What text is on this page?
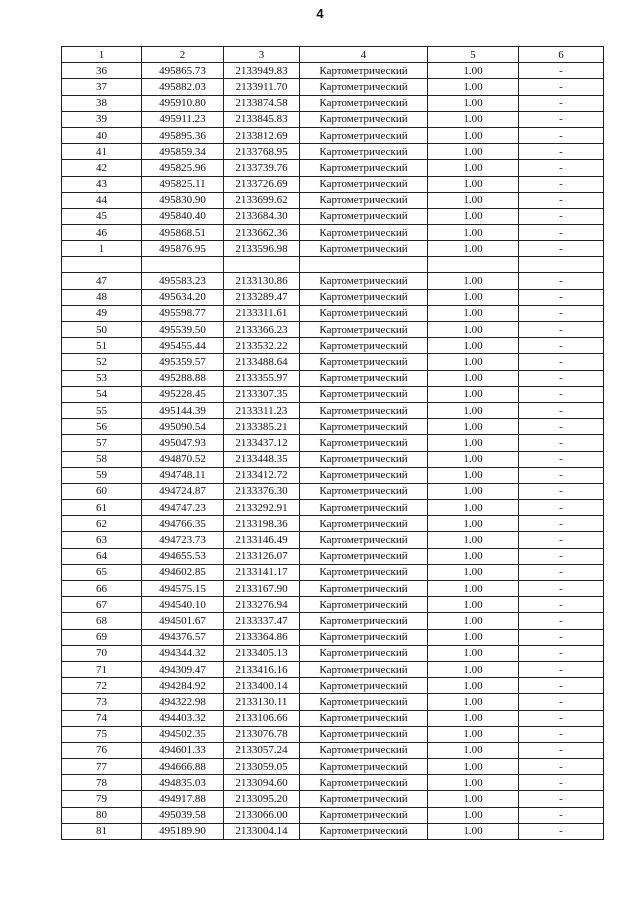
4
1	2	3	4	5	6
36	495865.73	2133949.83	Картометрический	1.00	-
37	495882.03	2133911.70	Картометрический	1.00	-
38	495910.80	2133874.58	Картометрический	1.00	-
39	495911.23	2133845.83	Картометрический	1.00	-
40	495895.36	2133812.69	Картометрический	1.00	-
41	495859.34	2133768.95	Картометрический	1.00	-
42	495825.96	2133739.76	Картометрический	1.00	-
43	495825.11	2133726.69	Картометрический	1.00	-
44	495830.90	2133699.62	Картометрический	1.00	-
45	495840.40	2133684.30	Картометрический	1.00	-
46	495868.51	2133662.36	Картометрический	1.00	-
1	495876.95	2133596.98	Картометрический	1.00	-

47	495583.23	2133130.86	Картометрический	1.00	-
48	495634.20	2133289.47	Картометрический	1.00	-
49	495598.77	2133311.61	Картометрический	1.00	-
50	495539.50	2133366.23	Картометрический	1.00	-
51	495455.44	2133532.22	Картометрический	1.00	-
52	495359.57	2133488.64	Картометрический	1.00	-
53	495288.88	2133355.97	Картометрический	1.00	-
54	495228.45	2133307.35	Картометрический	1.00	-
55	495144.39	2133311.23	Картометрический	1.00	-
56	495090.54	2133385.21	Картометрический	1.00	-
57	495047.93	2133437.12	Картометрический	1.00	-
58	494870.52	2133448.35	Картометрический	1.00	-
59	494748.11	2133412.72	Картометрический	1.00	-
60	494724.87	2133376.30	Картометрический	1.00	-
61	494747.23	2133292.91	Картометрический	1.00	-
62	494766.35	2133198.36	Картометрический	1.00	-
63	494723.73	2133146.49	Картометрический	1.00	-
64	494655.53	2133126.07	Картометрический	1.00	-
65	494602.85	2133141.17	Картометрический	1.00	-
66	494575.15	2133167.90	Картометрический	1.00	-
67	494540.10	2133276.94	Картометрический	1.00	-
68	494501.67	2133337.47	Картометрический	1.00	-
69	494376.57	2133364.86	Картометрический	1.00	-
70	494344.32	2133405.13	Картометрический	1.00	-
71	494309.47	2133416.16	Картометрический	1.00	-
72	494284.92	2133400.14	Картометрический	1.00	-
73	494322.98	2133130.11	Картометрический	1.00	-
74	494403.32	2133106.66	Картометрический	1.00	-
75	494502.35	2133076.78	Картометрический	1.00	-
76	494601.33	2133057.24	Картометрический	1.00	-
77	494666.88	2133059.05	Картометрический	1.00	-
78	494835.03	2133094.60	Картометрический	1.00	-
79	494917.88	2133095.20	Картометрический	1.00	-
80	495039.58	2133066.00	Картометрический	1.00	-
81	495189.90	2133004.14	Картометрический	1.00	-
